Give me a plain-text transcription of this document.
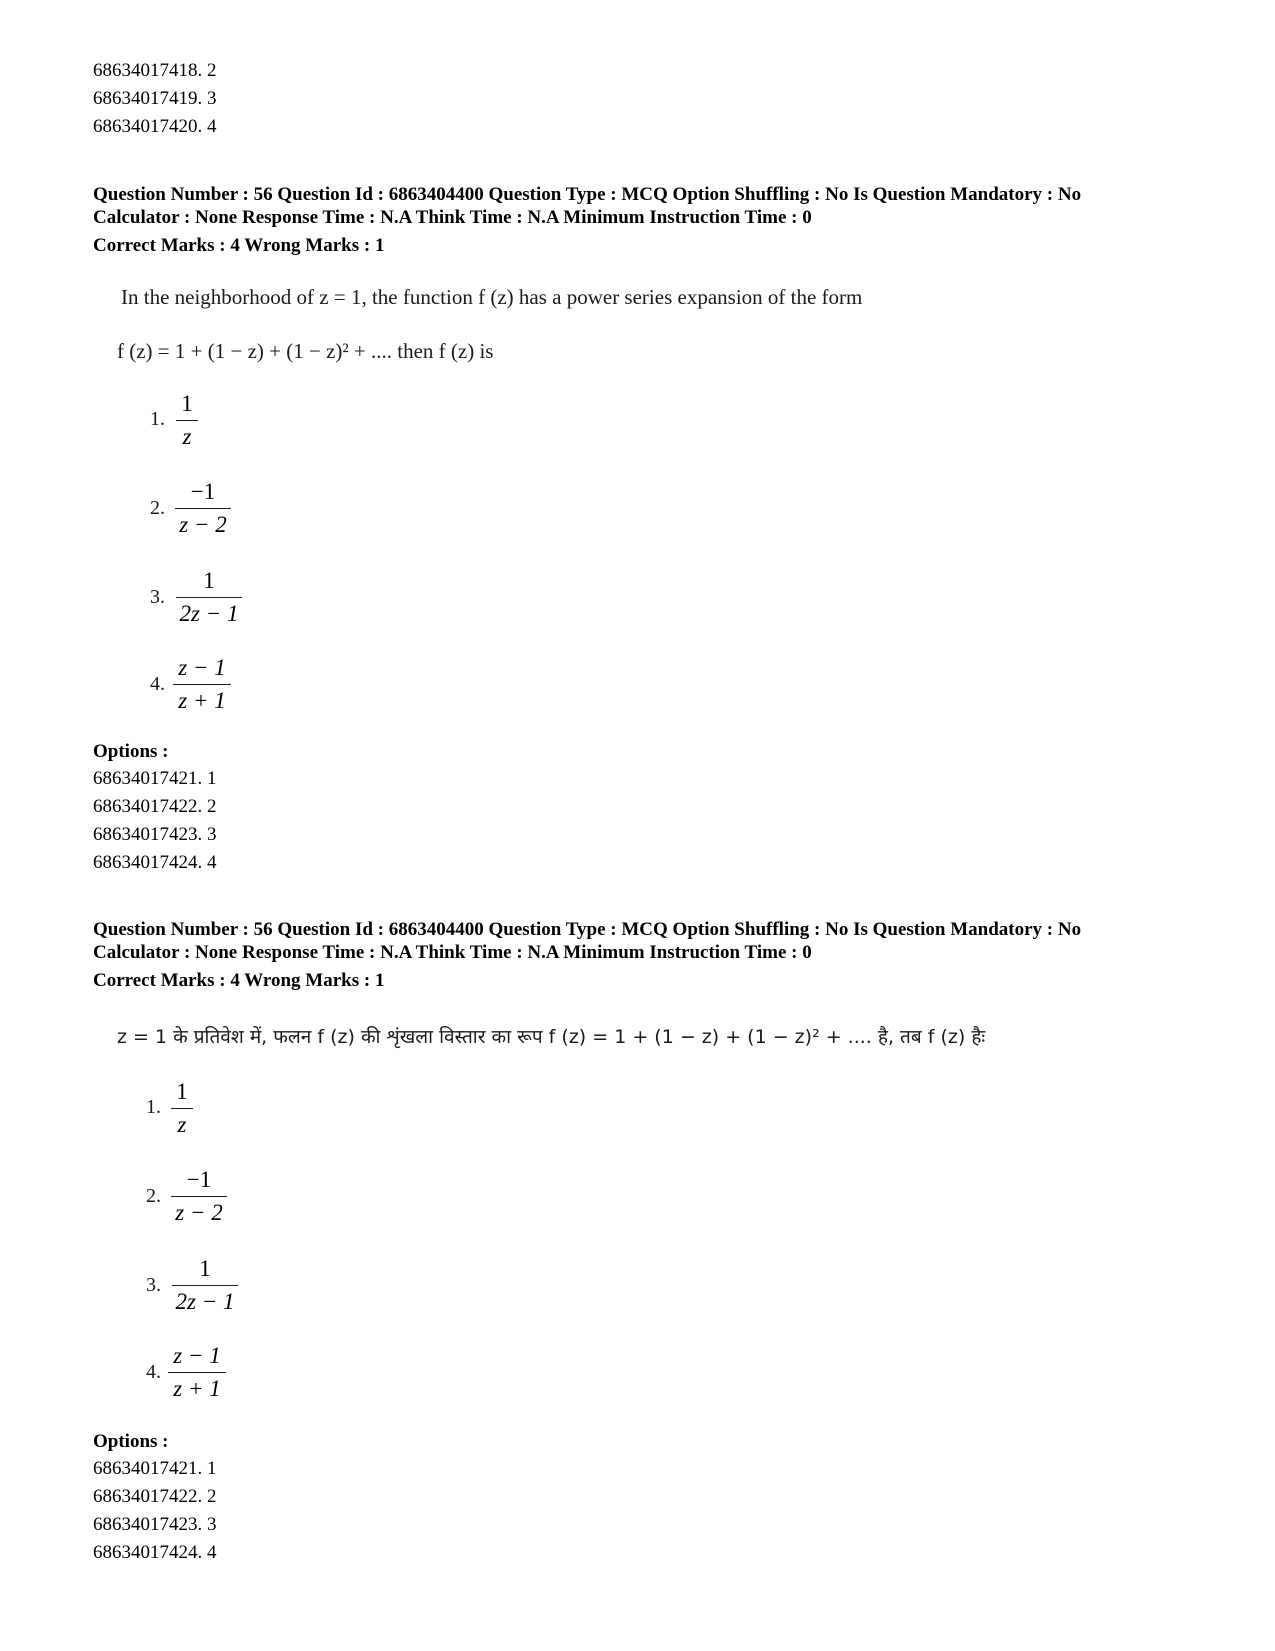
68634017418. 2
68634017419. 3
68634017420. 4
Question Number : 56 Question Id : 6863404400 Question Type : MCQ Option Shuffling : No Is Question Mandatory : No
Calculator : None Response Time : N.A Think Time : N.A Minimum Instruction Time : 0
Correct Marks : 4 Wrong Marks : 1
In the neighborhood of z = 1, the function f (z) has a power series expansion of the form
f (z) = 1 + (1 − z) + (1 − z)² + .... then f (z) is
1.
1
z
2.
−1
z − 2
3.
1
2z − 1
4.
z − 1
z + 1
Options :
68634017421. 1
68634017422. 2
68634017423. 3
68634017424. 4
Question Number : 56 Question Id : 6863404400 Question Type : MCQ Option Shuffling : No Is Question Mandatory : No
Calculator : None Response Time : N.A Think Time : N.A Minimum Instruction Time : 0
Correct Marks : 4 Wrong Marks : 1
z = 1 के प्रतिवेश में, फलन f (z) की शृंखला विस्तार का रूप f (z) = 1 + (1 − z) + (1 − z)² + .... है, तब f (z) हैः
1.
1
z
2.
−1
z − 2
3.
1
2z − 1
4.
z − 1
z + 1
Options :
68634017421. 1
68634017422. 2
68634017423. 3
68634017424. 4
